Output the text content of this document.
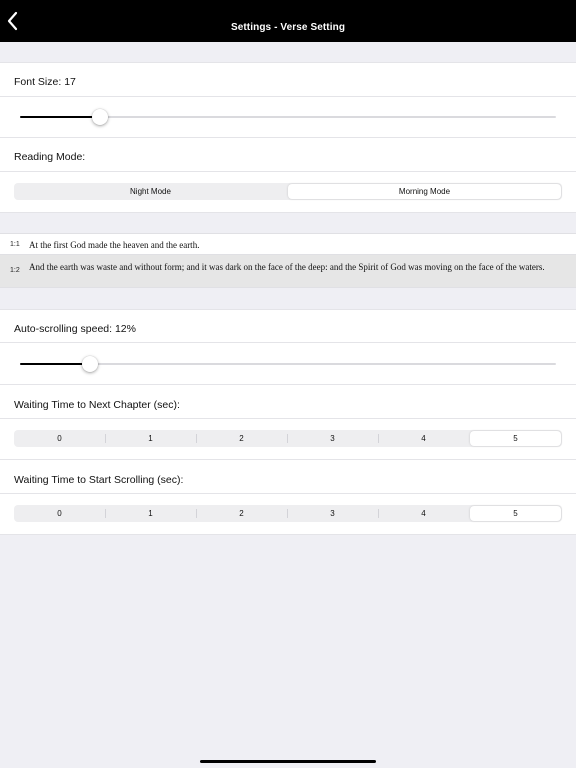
Settings - Verse Setting
Font Size: 17
Reading Mode:
Night Mode	Morning Mode
1:1 At the first God made the heaven and the earth.
1:2 And the earth was waste and without form; and it was dark on the face of the deep: and the Spirit of God was moving on the face of the waters.
Auto-scrolling speed: 12%
Waiting Time to Next Chapter (sec):
0	1	2	3	4	5
Waiting Time to Start Scrolling (sec):
0	1	2	3	4	5
